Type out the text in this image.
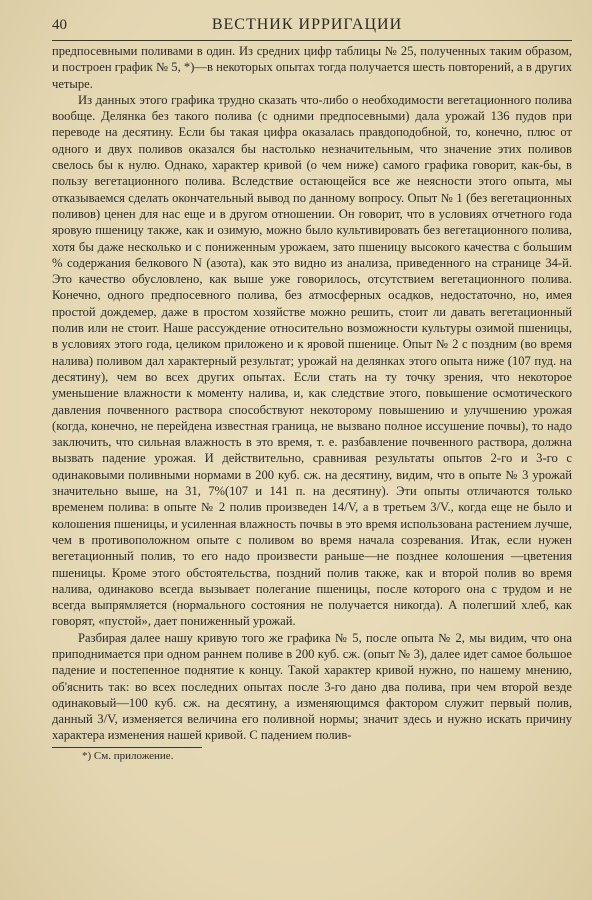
40	ВЕСТНИК ИРРИГАЦИИ

предпосевными поливами в один. Из средних цифр таблицы № 25, полученных таким образом, и построен график № 5, *)—в некоторых опытах тогда получается шесть повторений, а в других четыре.

Из данных этого графика трудно сказать что-либо о необходимости вегетационного полива вообще. Делянка без такого полива (с одними предпосевными) дала урожай 136 пудов при переводе на десятину. Если бы такая цифра оказалась правдоподобной, то, конечно, плюс от одного и двух поливов оказался бы настолько незначительным, что значение этих поливов свелось бы к нулю. Однако, характер кривой (о чем ниже) самого графика говорит, как-бы, в пользу вегетационного полива. Вследствие остающейся все же неясности этого опыта, мы отказываемся сделать окончательный вывод по данному вопросу. Опыт № 1 (без вегетационных поливов) ценен для нас еще и в другом отношении. Он говорит, что в условиях отчетного года яровую пшеницу также, как и озимую, можно было культивировать без вегетационного полива, хотя бы даже несколько и с пониженным урожаем, зато пшеницу высокого качества с большим % содержания белкового N (азота), как это видно из анализа, приведенного на странице 34-й. Это качество обусловлено, как выше уже говорилось, отсутствием вегетационного полива. Конечно, одного предпосевного полива, без атмосферных осадков, недостаточно, но, имея простой дождемер, даже в простом хозяйстве можно решить, стоит ли давать вегетационный полив или не стоит. Наше рассуждение относительно возможности культуры озимой пшеницы, в условиях этого года, целиком приложено и к яровой пшенице. Опыт № 2 с поздним (во время налива) поливом дал характерный результат; урожай на делянках этого опыта ниже (107 пуд. на десятину), чем во всех других опытах. Если стать на ту точку зрения, что некоторое уменьшение влажности к моменту налива, и, как следствие этого, повышение осмотического давления почвенного раствора способствуют некоторому повышению и улучшению урожая (когда, конечно, не перейдена известная граница, не вызвано полное иссушение почвы), то надо заключить, что сильная влажность в это время, т. е. разбавление почвенного раствора, должна вызвать падение урожая. И действительно, сравнивая результаты опытов 2-го и 3-го с одинаковыми поливными нормами в 200 куб. сж. на десятину, видим, что в опыте № 3 урожай значительно выше, на 31, 7%(107 и 141 п. на десятину). Эти опыты отличаются только временем полива: в опыте № 2 полив произведен 14/V, а в третьем 3/V., когда еще не было и колошения пшеницы, и усиленная влажность почвы в это время использована растением лучше, чем в противоположном опыте с поливом во время начала созревания. Итак, если нужен вегетационный полив, то его надо произвести раньше—не позднее колошения —цветения пшеницы. Кроме этого обстоятельства, поздний полив также, как и второй полив во время налива, одинаково всегда вызывает полегание пшеницы, после которого она с трудом и не всегда выпрямляется (нормального состояния не получается никогда). А полегший хлеб, как говорят, «пустой», дает пониженный урожай.

Разбирая далее нашу кривую того же графика № 5, после опыта № 2, мы видим, что она приподнимается при одном раннем поливе в 200 куб. сж. (опыт № 3), далее идет самое большое падение и постепенное поднятие к концу. Такой характер кривой нужно, по нашему мнению, об'яснить так: во всех последних опытах после 3-го дано два полива, при чем второй везде одинаковый—100 куб. сж. на десятину, а изменяющимся фактором служит первый полив, данный 3/V, изменяется величина его поливной нормы; значит здесь и нужно искать причину характера изменения нашей кривой. С падением полив-

*) См. приложение.
